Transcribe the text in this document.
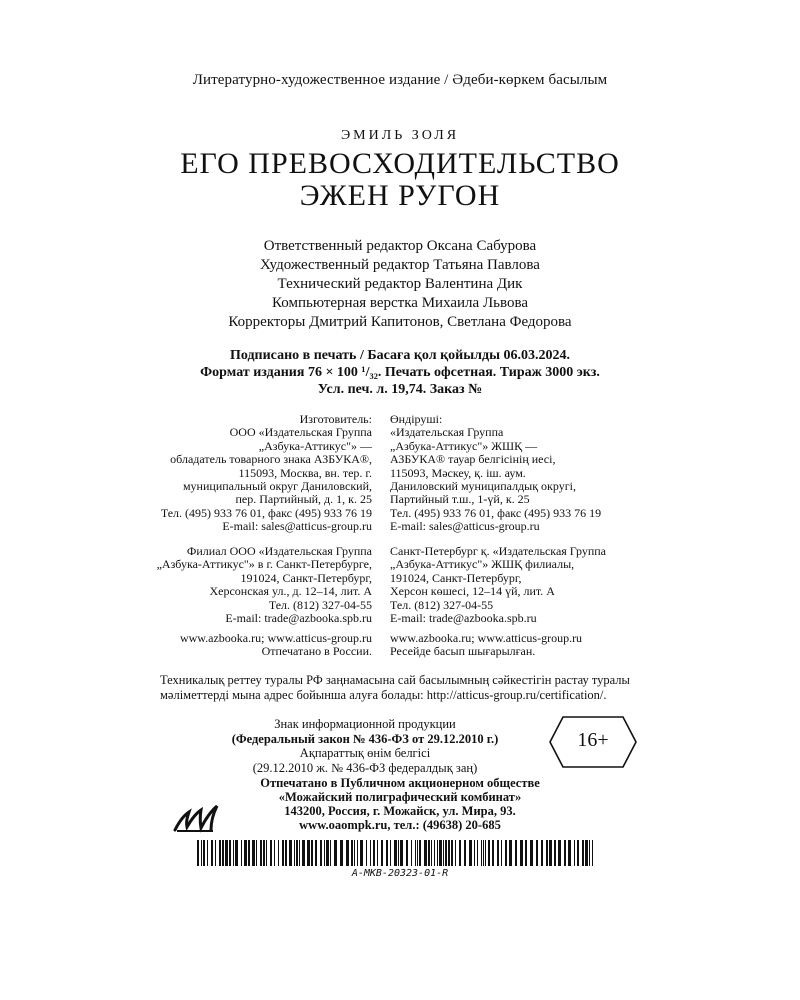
Литературно-художественное издание / Әдеби-көркем басылым
ЭМИЛЬ ЗОЛЯ
ЕГО ПРЕВОСХОДИТЕЛЬСТВО
ЭЖЕН РУГОН
Ответственный редактор Оксана Сабурова
Художественный редактор Татьяна Павлова
Технический редактор Валентина Дик
Компьютерная верстка Михаила Львова
Корректоры Дмитрий Капитонов, Светлана Федорова
Подписано в печать / Басаға қол қойылды 06.03.2024.
Формат издания 76 × 100 ¹/₃₂. Печать офсетная. Тираж 3000 экз.
Усл. печ. л. 19,74. Заказ №
Изготовитель:
ООО «Издательская Группа
„Азбука-Аттикус"» —
обладатель товарного знака АЗБУКА®,
115093, Москва, вн. тер. г.
муниципальный округ Даниловский,
пер. Партийный, д. 1, к. 25
Тел. (495) 933 76 01, факс (495) 933 76 19
E-mail: sales@atticus-group.ru
Өндіруші:
«Издательская Группа
„Азбука-Аттикус"» ЖШҚ —
АЗБУКА® тауар белгісінің иесі,
115093, Мәскеу, қ. іш. аум.
Даниловский муниципалдық округі,
Партийный т.ш., 1-үй, к. 25
Тел. (495) 933 76 01, факс (495) 933 76 19
E-mail: sales@atticus-group.ru
Филиал ООО «Издательская Группа
„Азбука-Аттикус"» в г. Санкт-Петербурге,
191024, Санкт-Петербург,
Херсонская ул., д. 12–14, лит. А
Тел. (812) 327-04-55
E-mail: trade@azbooka.spb.ru
Санкт-Петербург қ. «Издательская Группа
„Азбука-Аттикус"» ЖШҚ филиалы,
191024, Санкт-Петербург,
Херсон көшесі, 12–14 үй, лит. А
Тел. (812) 327-04-55
E-mail: trade@azbooka.spb.ru
www.azbooka.ru; www.atticus-group.ru
Отпечатано в России.
www.azbooka.ru; www.atticus-group.ru
Ресейде басып шығарылған.
Техникалық реттеу туралы РФ заңнамасына сай басылымның сәйкестігін растау туралы
мәліметтерді мына адрес бойынша алуға болады: http://atticus-group.ru/certification/.
Знак информационной продукции
(Федеральный закон № 436-ФЗ от 29.12.2010 г.)
Ақпараттық өнім белгісі
(29.12.2010 ж. № 436-ФЗ федералдық заң)
16+
Отпечатано в Публичном акционерном обществе
«Можайский полиграфический комбинат»
143200, Россия, г. Можайск, ул. Мира, 93.
www.oaompk.ru, тел.: (49638) 20-685
А-МКВ-20323-01-R
